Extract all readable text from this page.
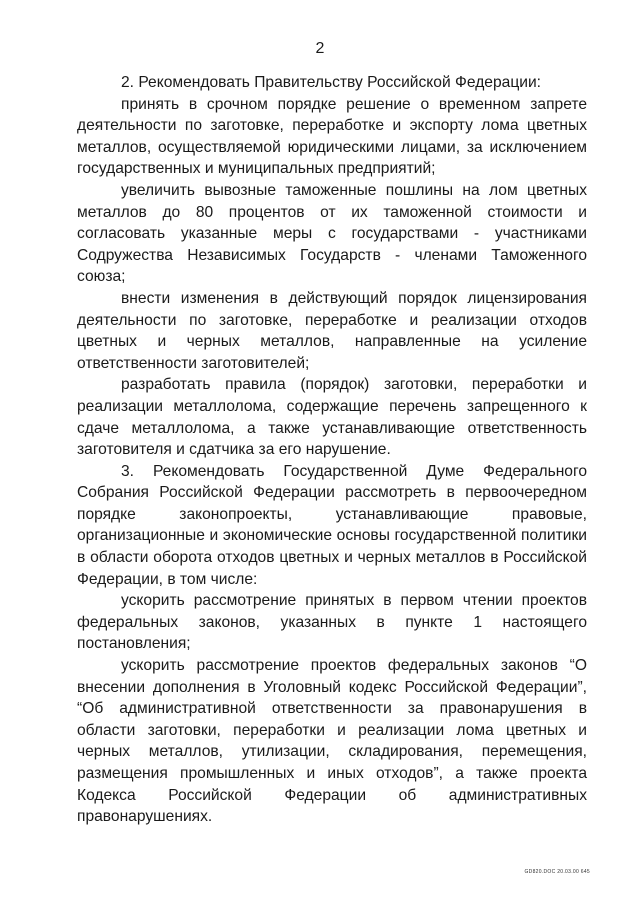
2

2. Рекомендовать Правительству Российской Федерации:

принять в срочном порядке решение о временном запрете деятельности по заготовке, переработке и экспорту лома цветных металлов, осуществляемой юридическими лицами, за исключением государственных и муниципальных предприятий;

увеличить вывозные таможенные пошлины на лом цветных металлов до 80 процентов от их таможенной стоимости и согласовать указанные меры с государствами - участниками Содружества Независимых Государств - членами Таможенного союза;

внести изменения в действующий порядок лицензирования деятельности по заготовке, переработке и реализации отходов цветных и черных металлов, направленные на усиление ответственности заготовителей;

разработать правила (порядок) заготовки, переработки и реализации металлолома, содержащие перечень запрещенного к сдаче металлолома, а также устанавливающие ответственность заготовителя и сдатчика за его нарушение.

3. Рекомендовать Государственной Думе Федерального Собрания Российской Федерации рассмотреть в первоочередном порядке законопроекты, устанавливающие правовые, организационные и экономические основы государственной политики в области оборота отходов цветных и черных металлов в Российской Федерации, в том числе:

ускорить рассмотрение принятых в первом чтении проектов федеральных законов, указанных в пункте 1 настоящего постановления;

ускорить рассмотрение проектов федеральных законов “О внесении дополнения в Уголовный кодекс Российской Федерации”, “Об административной ответственности за правонарушения в области заготовки, переработки и реализации лома цветных и черных металлов, утилизации, складирования, перемещения, размещения промышленных и иных отходов”, а также проекта Кодекса Российской Федерации об административных правонарушениях.

GD820.DOC 20.03.00 645
